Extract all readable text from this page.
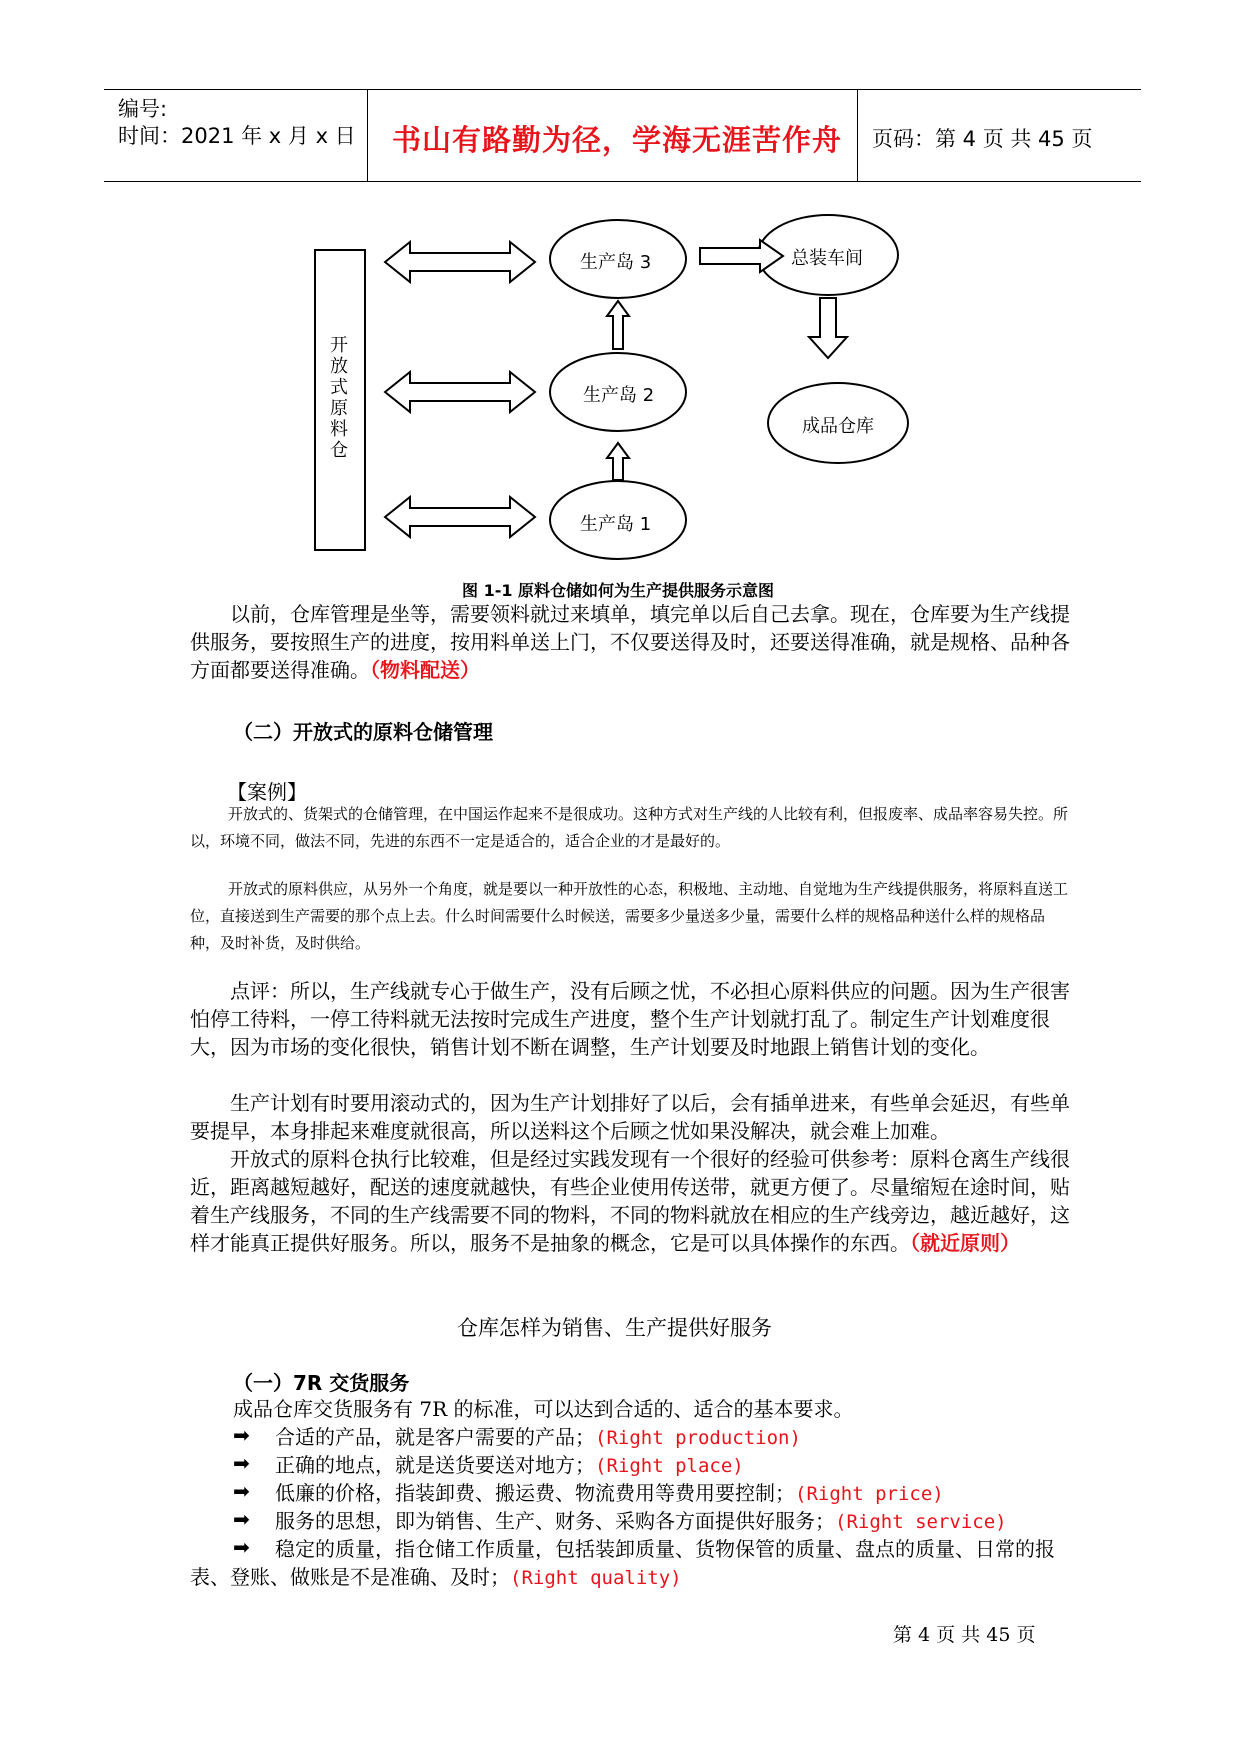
编号:
时间：2021 年 x 月 x 日 书山有路勤为径，学海无涯苦作舟 页码：第 4 页 共 45 页
开放式原料仓
生产岛 3
生产岛 2
生产岛 1
总装车间
成品仓库
图 1-1 原料仓储如何为生产提供服务示意图
以前，仓库管理是坐等，需要领料就过来填单，填完单以后自己去拿。现在，仓库要为生产线提供服务，要按照生产的进度，按用料单送上门，不仅要送得及时，还要送得准确，就是规格、品种各方面都要送得准确。（物料配送）
（二）开放式的原料仓储管理
【案例】
开放式的、货架式的仓储管理，在中国运作起来不是很成功。这种方式对生产线的人比较有利，但报废率、成品率容易失控。所以，环境不同，做法不同，先进的东西不一定是适合的，适合企业的才是最好的。
开放式的原料供应，从另外一个角度，就是要以一种开放性的心态，积极地、主动地、自觉地为生产线提供服务，将原料直送工位，直接送到生产需要的那个点上去。什么时间需要什么时候送，需要多少量送多少量，需要什么样的规格品种送什么样的规格品种，及时补货，及时供给。
点评：所以，生产线就专心于做生产，没有后顾之忧，不必担心原料供应的问题。因为生产很害怕停工待料，一停工待料就无法按时完成生产进度，整个生产计划就打乱了。制定生产计划难度很大，因为市场的变化很快，销售计划不断在调整，生产计划要及时地跟上销售计划的变化。
生产计划有时要用滚动式的，因为生产计划排好了以后，会有插单进来，有些单会延迟，有些单要提早，本身排起来难度就很高，所以送料这个后顾之忧如果没解决，就会难上加难。
开放式的原料仓执行比较难，但是经过实践发现有一个很好的经验可供参考：原料仓离生产线很近，距离越短越好，配送的速度就越快，有些企业使用传送带，就更方便了。尽量缩短在途时间，贴着生产线服务，不同的生产线需要不同的物料，不同的物料就放在相应的生产线旁边，越近越好，这样才能真正提供好服务。所以，服务不是抽象的概念，它是可以具体操作的东西。（就近原则）
仓库怎样为销售、生产提供好服务
（一）7R 交货服务
成品仓库交货服务有 7R 的标准，可以达到合适的、适合的基本要求。
➡ 合适的产品，就是客户需要的产品；(Right production)
➡ 正确的地点，就是送货要送对地方；(Right place)
➡ 低廉的价格，指装卸费、搬运费、物流费用等费用要控制；(Right price)
➡ 服务的思想，即为销售、生产、财务、采购各方面提供好服务；(Right service)
➡	稳定的质量，指仓储工作质量，包括装卸质量、货物保管的质量、盘点的质量、日常的报表、登账、做账是不是准确、及时；(Right quality)
第 4 页 共 45 页
